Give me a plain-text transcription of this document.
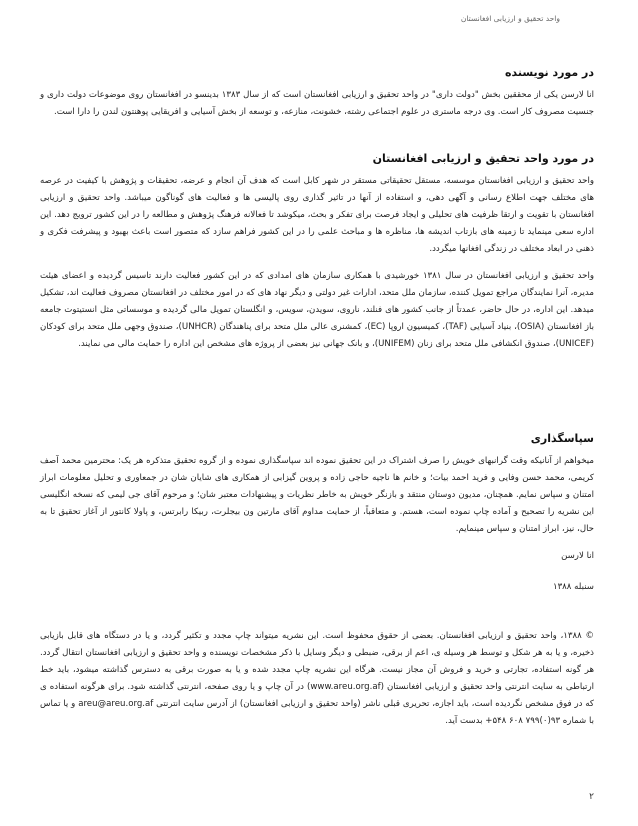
واحد تحقیق و ارزیابی افغانستان
در مورد نویسنده

انا لارسن یکی از محققین بخش "دولت داری" در واحد تحقیق و ارزیابی افغانستان است که از سال ۱۳۸۳ بدینسو در افغانستان روی موضوعات دولت داری و جنسیت مصروف کار است. وی درجه ماستری در علوم اجتماعی رشته، خشونت، منازعه، و توسعه از بخش آسیایی و افریقایی پوهنتون لندن را دارا است.

در مورد واحد تحقیق و ارزیابی افغانستان

واحد تحقیق و ارزیابی افغانستان موسسه، مستقل تحقیقاتی مستقر در شهر کابل است که هدف آن انجام و عرضه، تحقیقات و پژوهش با کیفیت در عرصه های مختلف جهت اطلاع رسانی و آگهی دهی، و استفاده از آنها در تاثیر گذاری روی پالیسی ها و فعالیت های گوناگون میباشد. واحد تحقیق و ارزیابی افغانستان با تقویت و ارتقا ظرفیت های تحلیلی و ایجاد فرصت برای تفکر و بحث، میکوشد تا فعالانه فرهنگ پژوهش و مطالعه را در این کشور ترویج دهد. این اداره سعی مینماید تا زمینه های بازتاب اندیشه ها، مناظره ها و مباحث علمی را در این کشور فراهم سازد که متصور است باعث بهبود و پیشرفت فکری و ذهنی در ابعاد مختلف در زندگی افغانها میگردد.

واحد تحقیق و ارزیابی افغانستان در سال ۱۳۸۱ خورشیدی با همکاری سازمان های امدادی که در این کشور فعالیت دارند تاسیس گردیده و اعضای هیئت مدیره، آنرا نمایندگان مراجع تمویل کننده، سازمان ملل متحد، ادارات غیر دولتی و دیگر نهاد های که در امور مختلف در افغانستان مصروف فعالیت اند، تشکیل میدهد. این اداره، در حال حاضر، عمدتاً از جانب کشور های فنلند، ناروی، سویدن، سویس، و انگلستان تمویل مالی گردیده و موسساتی مثل انستیتوت جامعه باز افغانستان (OSIA)، بنیاد آسیایی (TAF)، کمیسیون اروپا (EC)، کمشنری عالی ملل متحد برای پناهندگان (UNHCR)، صندوق وجهی ملل متحد برای کودکان (UNICEF)، صندوق انکشافی ملل متحد برای زنان (UNIFEM)، و بانک جهانی نیز بعضی از پروژه های مشخص این اداره را حمایت مالی می نمایند.

سپاسگذاری

میخواهم از آنانیکه وقت گرانبهای خویش را صرف اشتراک در این تحقیق نموده اند سپاسگذاری نموده و از گروه تحقیق متذکره هر یک: محترمین محمد آصف کریمی، محمد حسن وفایی و فرید احمد بیات؛ و خانم ها ناجیه حاجی زاده و پروین گیزابی از همکاری های شایان شان در جمعاوری و تحلیل معلومات ابراز امتنان و سپاس نمایم. همچنان، مدیون دوستان منتقد و بازنگر خویش به خاطر نظریات و پیشنهادات معتبر شان؛ و مرحوم آقای جی لیمی که نسخه انگلیسی این نشریه را تصحیح و آماده چاپ نموده است، هستم. و متعاقباً، از حمایت مداوم آقای مارتین ون بیجلرت، ربیکا رابرتس، و پاولا کانتور از آغاز تحقیق تا به حال، نیز، ابراز امتنان و سپاس مینمایم.

انا لارسن
سنبله ۱۳۸۸

© ۱۳۸۸، واحد تحقیق و ارزیابی افغانستان. بعضی از حقوق محفوظ است. این نشریه میتواند چاپ مجدد و تکثیر گردد، و یا در دستگاه های قابل بازیابی ذخیره، و یا به هر شکل و توسط هر وسیله ی، اعم از برقی، ضبطی و دیگر وسایل با ذکر مشخصات نویسنده و واحد تحقیق و ارزیابی افغانستان انتقال گردد. هر گونه استفاده، تجارتی و خرید و فروش آن مجاز نیست. هرگاه این نشریه چاپ مجدد شده و یا به صورت برقی به دسترس گذاشته میشود، باید خط ارتباطی به سایت انترنتی واحد تحقیق و ارزیابی افغانستان (www.areu.org.af) در آن چاپ و یا روی صفحه، انترنتی گذاشته شود. برای هرگونه استفاده ی که در فوق مشخص نگردیده است، باید اجازه، تحریری قبلی ناشر (واحد تحقیق و ارزیابی افغانستان) از آدرس سایت انترنتی areu@areu.org.af و یا تماس با شماره ۹۳(۰)۷۹۹ ۶۰۸ ۵۴۸+ بدست آید.

۲
